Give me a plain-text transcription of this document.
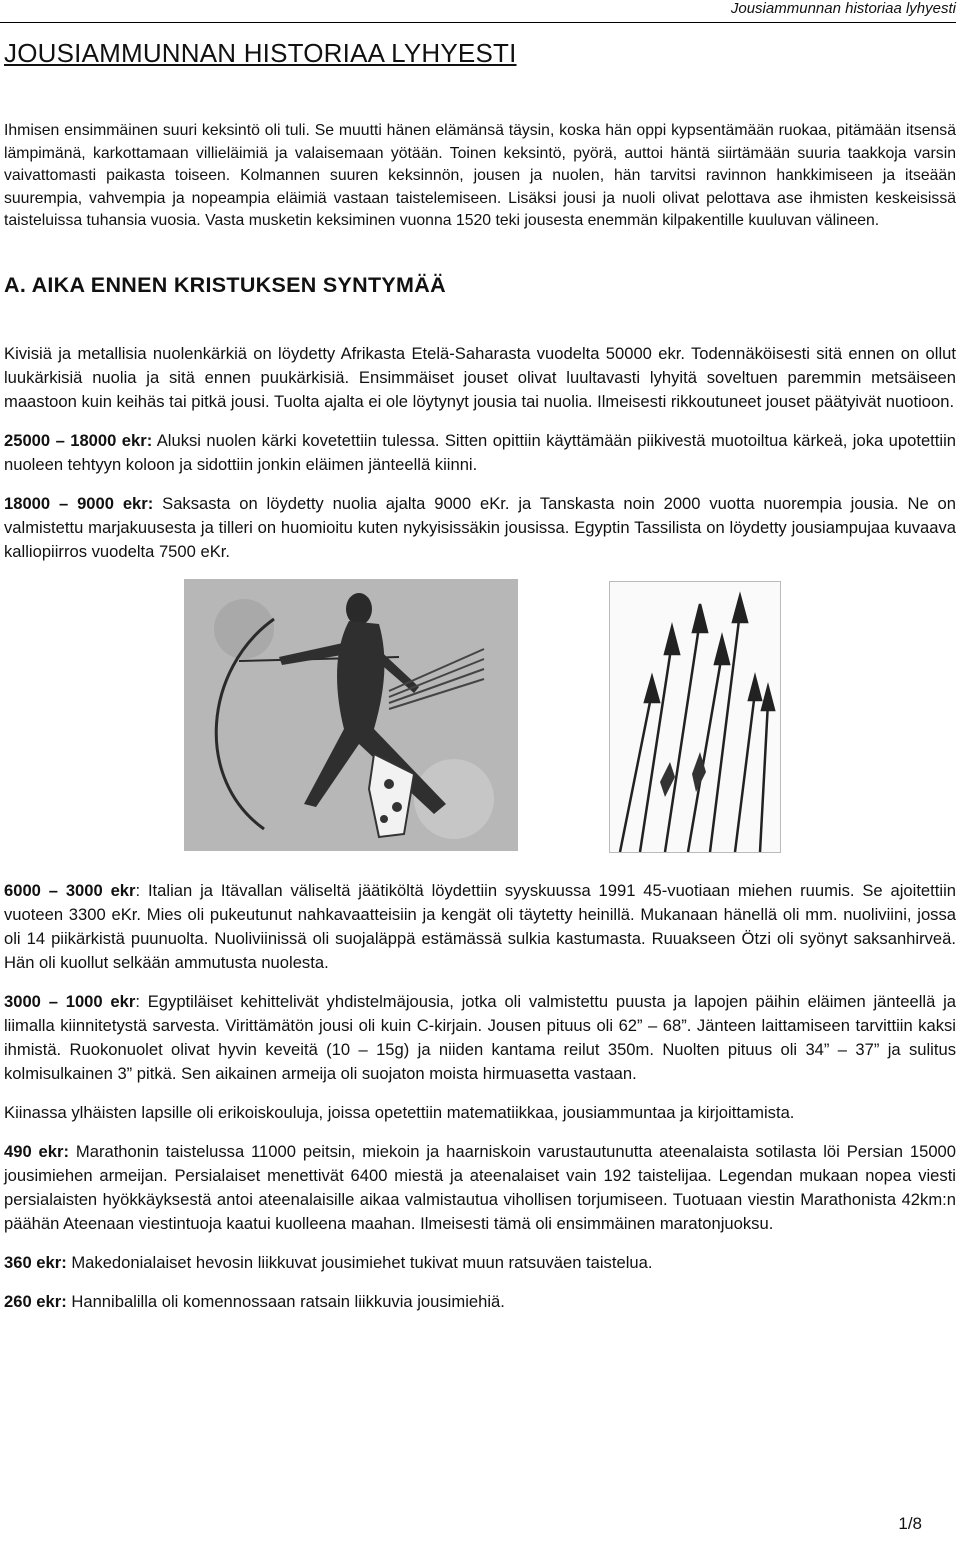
Jousiammunnan historiaa lyhyesti
JOUSIAMMUNNAN HISTORIAA LYHYESTI

Ihmisen ensimmäinen suuri keksintö oli tuli. Se muutti hänen elämänsä täysin, koska hän oppi kypsentämään ruokaa, pitämään itsensä lämpimänä, karkottamaan villieläimiä ja valaisemaan yötään. Toinen keksintö, pyörä, auttoi häntä siirtämään suuria taakkoja varsin vaivattomasti paikasta toiseen. Kolmannen suuren keksinnön, jousen ja nuolen, hän tarvitsi ravinnon hankkimiseen ja itseään suurempia, vahvempia ja nopeampia eläimiä vastaan taistelemiseen. Lisäksi jousi ja nuoli olivat pelottava ase ihmisten keskeisissä taisteluissa tuhansia vuosia. Vasta musketin keksiminen vuonna 1520 teki jousesta enemmän kilpakentille kuuluvan välineen.

A. AIKA ENNEN KRISTUKSEN SYNTYMÄÄ

Kivisiä ja metallisia nuolenkärkiä on löydetty Afrikasta Etelä-Saharasta vuodelta 50000 ekr. Todennäköisesti sitä ennen on ollut luukärkisiä nuolia ja sitä ennen puukärkisiä. Ensimmäiset jouset olivat luultavasti lyhyitä soveltuen paremmin metsäiseen maastoon kuin keihäs tai pitkä jousi. Tuolta ajalta ei ole löytynyt jousia tai nuolia. Ilmeisesti rikkoutuneet jouset päätyivät nuotioon.

25000 – 18000 ekr: Aluksi nuolen kärki kovetettiin tulessa. Sitten opittiin käyttämään piikivestä muotoiltua kärkeä, joka upotettiin nuoleen tehtyyn koloon ja sidottiin jonkin eläimen jänteellä kiinni.

18000 – 9000 ekr: Saksasta on löydetty nuolia ajalta 9000 eKr. ja Tanskasta noin 2000 vuotta nuorempia jousia. Ne on valmistettu marjakuusesta ja tilleri on huomioitu kuten nykyisissäkin jousissa. Egyptin Tassilista on löydetty jousiampujaa kuvaava kalliopiirros vuodelta 7500 eKr.

6000 – 3000 ekr: Italian ja Itävallan väliseltä jäätiköltä löydettiin syyskuussa 1991 45-vuotiaan miehen ruumis. Se ajoitettiin vuoteen 3300 eKr. Mies oli pukeutunut nahkavaatteisiin ja kengät oli täytetty heinillä. Mukanaan hänellä oli mm. nuoliviini, jossa oli 14 piikärkistä puunuolta. Nuoliviinissä oli suojaläppä estämässä sulkia kastumasta. Ruuakseen Ötzi oli syönyt saksanhirveä. Hän oli kuollut selkään ammutusta nuolesta.

3000 – 1000 ekr: Egyptiläiset kehittelivät yhdistelmäjousia, jotka oli valmistettu puusta ja lapojen päihin eläimen jänteellä ja liimalla kiinnitetystä sarvesta. Virittämätön jousi oli kuin C-kirjain. Jousen pituus oli 62” – 68”. Jänteen laittamiseen tarvittiin kaksi ihmistä. Ruokonuolet olivat hyvin keveitä (10 – 15g) ja niiden kantama reilut 350m. Nuolten pituus oli 34” – 37” ja sulitus kolmisulkainen 3” pitkä. Sen aikainen armeija oli suojaton moista hirmuasetta vastaan.

Kiinassa ylhäisten lapsille oli erikoiskouluja, joissa opetettiin matematiikkaa, jousiammuntaa ja kirjoittamista.

490 ekr: Marathonin taistelussa 11000 peitsin, miekoin ja haarniskoin varustautunutta ateenalaista sotilasta löi Persian 15000 jousimiehen armeijan. Persialaiset menettivät 6400 miestä ja ateenalaiset vain 192 taistelijaa. Legendan mukaan nopea viesti persialaisten hyökkäyksestä antoi ateenalaisille aikaa valmistautua vihollisen torjumiseen. Tuotuaan viestin Marathonista 42km:n päähän Ateenaan viestintuoja kaatui kuolleena maahan. Ilmeisesti tämä oli ensimmäinen maratonjuoksu.

360 ekr: Makedonialaiset hevosin liikkuvat jousimiehet tukivat muun ratsuväen taistelua.

260 ekr: Hannibalilla oli komennossaan ratsain liikkuvia jousimiehiä.

1/8
